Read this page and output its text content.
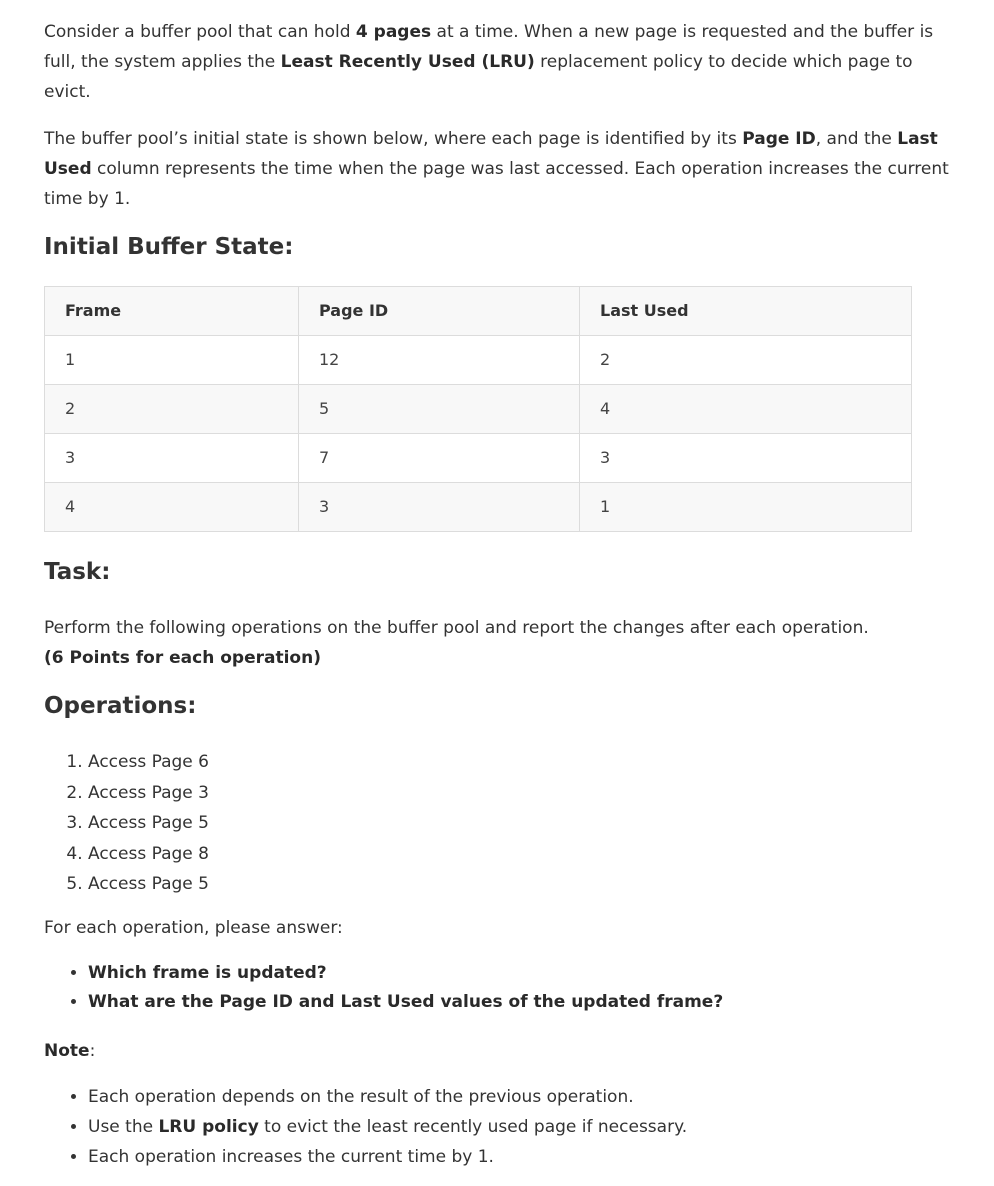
Consider a buffer pool that can hold 4 pages at a time. When a new page is requested and the buffer is full, the system applies the Least Recently Used (LRU) replacement policy to decide which page to evict.

The buffer pool’s initial state is shown below, where each page is identified by its Page ID, and the Last Used column represents the time when the page was last accessed. Each operation increases the current time by 1.

Initial Buffer State:
Frame	Page ID	Last Used
1	12	2
2	5	4
3	7	3
4	3	1
Task:

Perform the following operations on the buffer pool and report the changes after each operation.
(6 Points for each operation)

Operations:
1. Access Page 6
2. Access Page 3
3. Access Page 5
4. Access Page 8
5. Access Page 5

For each operation, please answer:

• Which frame is updated?
• What are the Page ID and Last Used values of the updated frame?

Note:

• Each operation depends on the result of the previous operation.
• Use the LRU policy to evict the least recently used page if necessary.
• Each operation increases the current time by 1.
